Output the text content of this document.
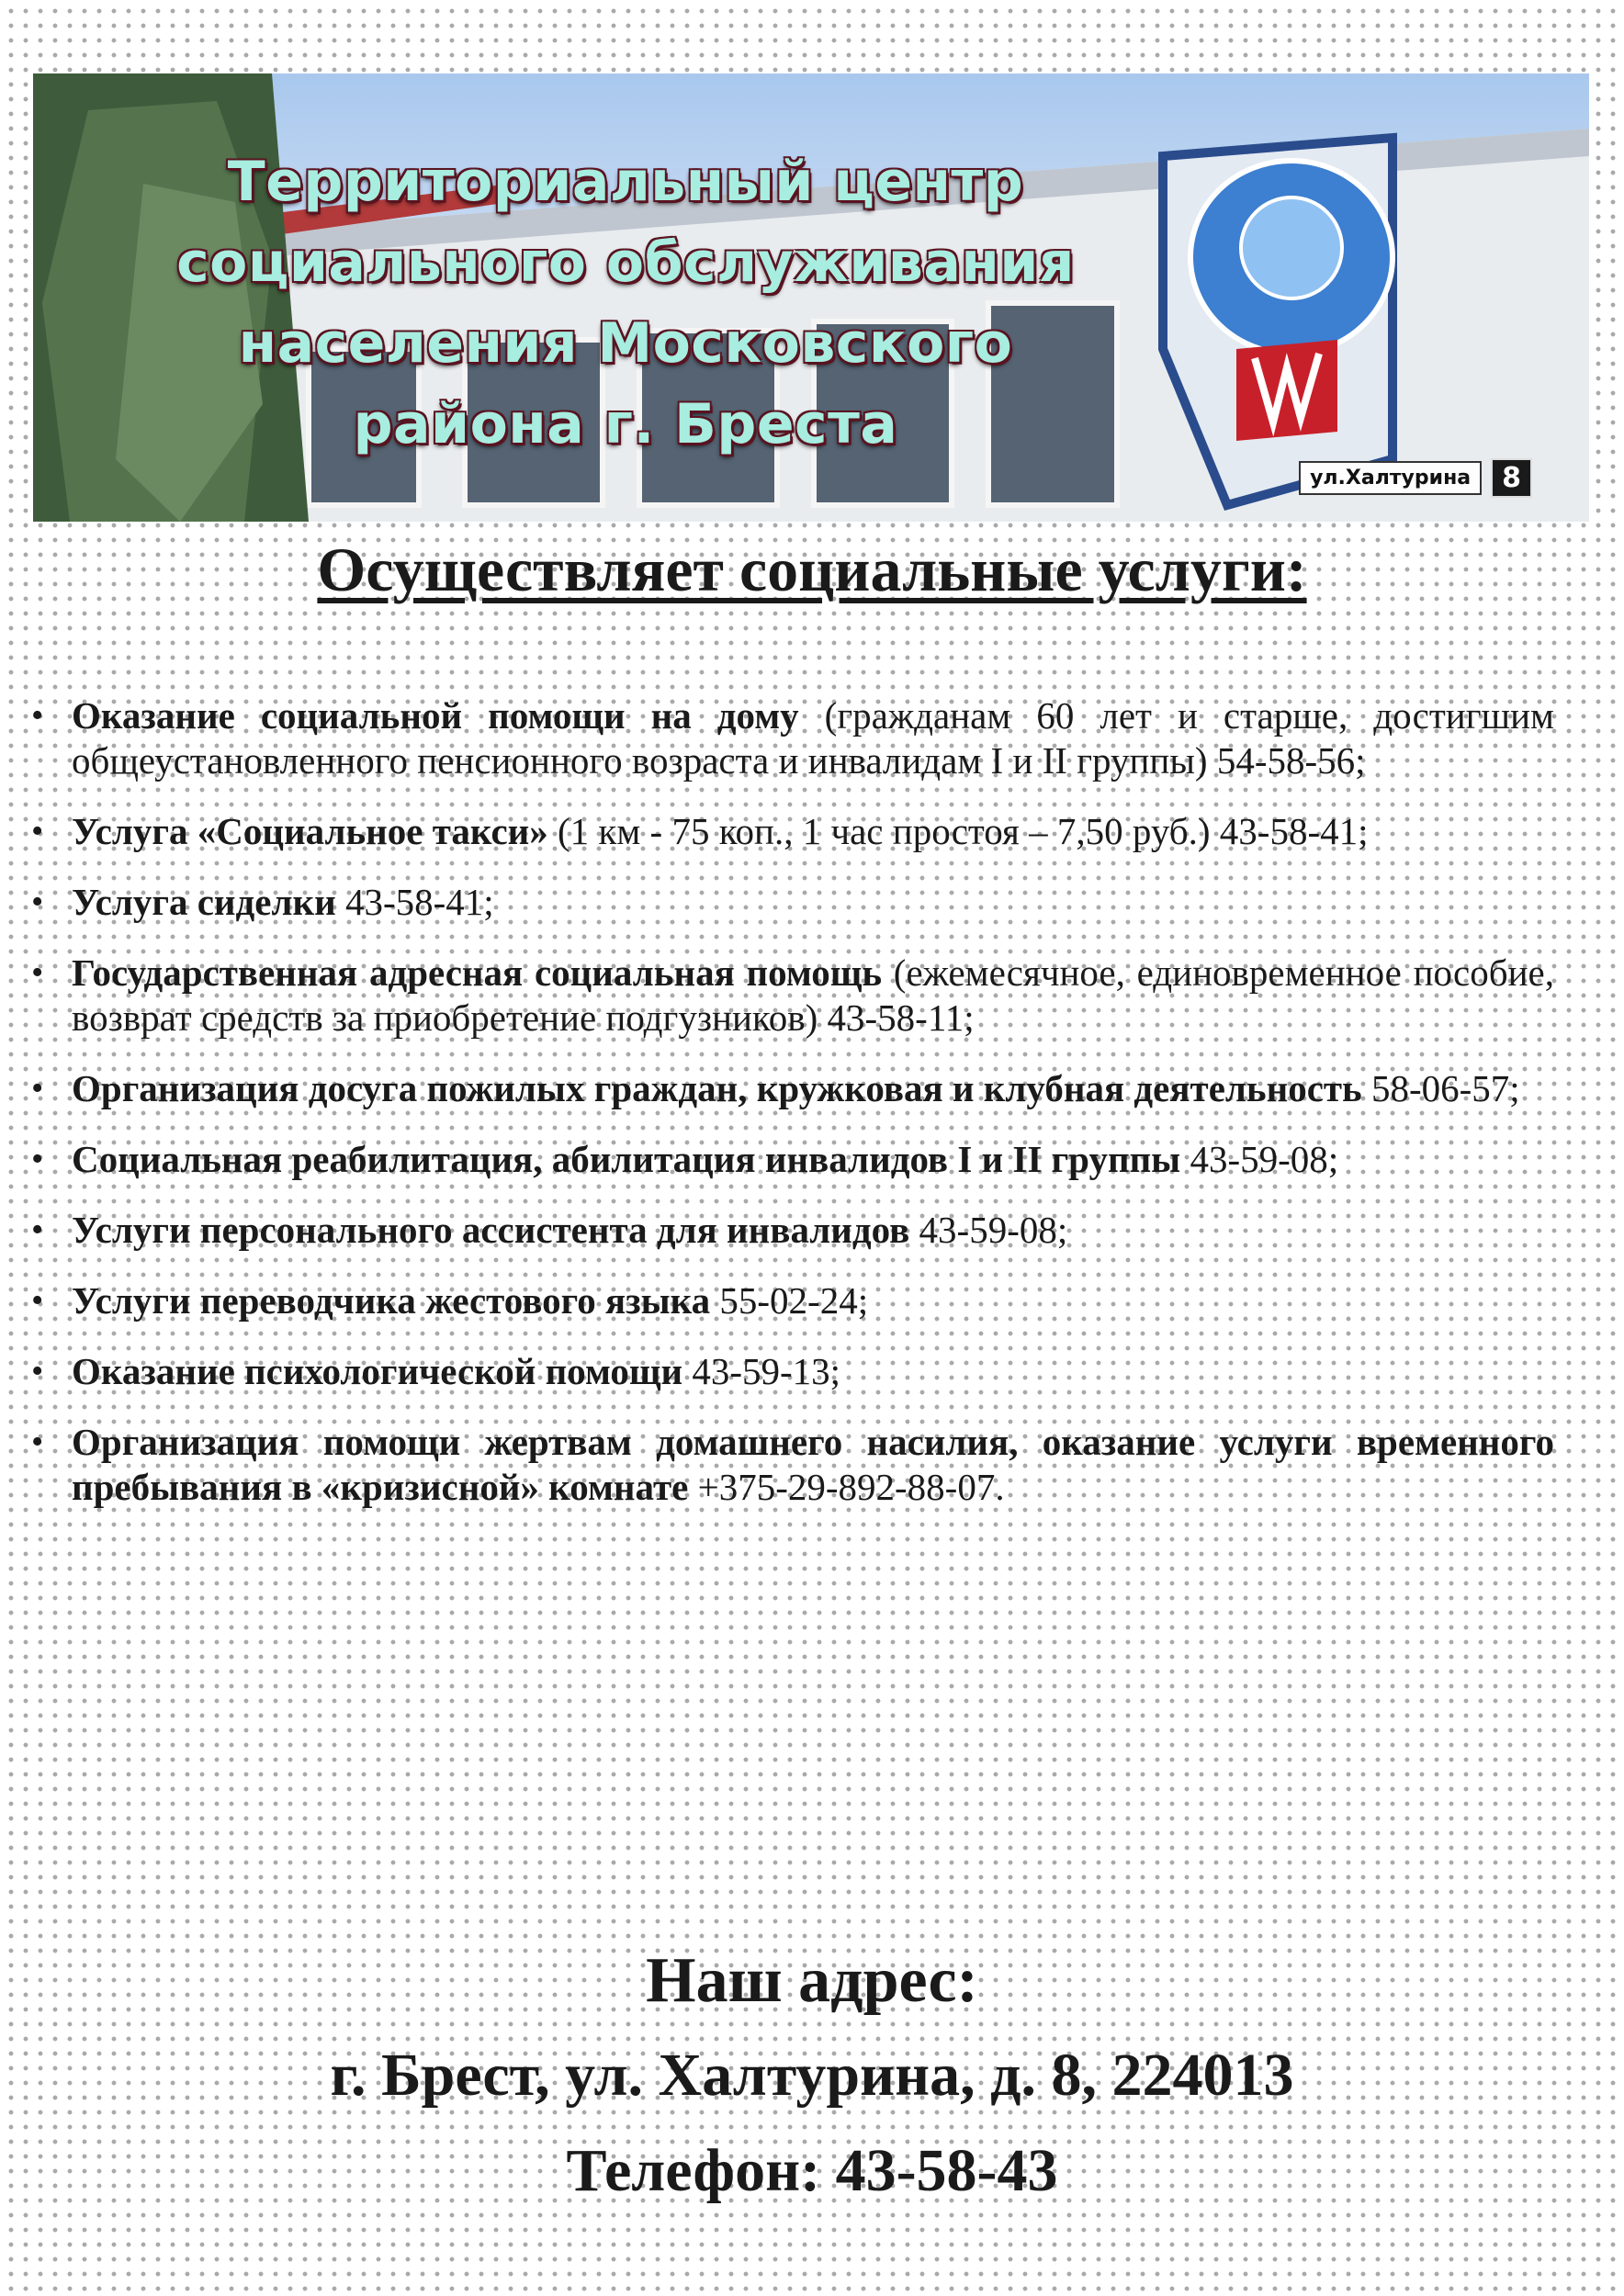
Территориальный центр
социального обслуживания
населения Московского
района г. Бреста
ул.Халтурина	8
Осуществляет социальные услуги:
• Оказание социальной помощи на дому (гражданам 60 лет и старше, достигшим общеустановленного пенсионного возраста и инвалидам I и II группы) 54-58-56;
• Услуга «Социальное такси» (1 км - 75 коп., 1 час простоя – 7,50 руб.) 43-58-41;
• Услуга сиделки 43-58-41;
• Государственная адресная социальная помощь (ежемесячное, единовременное пособие, возврат средств за приобретение подгузников) 43-58-11;
• Организация досуга пожилых граждан, кружковая и клубная деятельность 58-06-57;
• Социальная реабилитация, абилитация инвалидов I и II группы 43-59-08;
• Услуги персонального ассистента для инвалидов 43-59-08;
• Услуги переводчика жестового языка 55-02-24;
• Оказание психологической помощи 43-59-13;
• Организация помощи жертвам домашнего насилия, оказание услуги временного пребывания в «кризисной» комнате +375-29-892-88-07.
Наш адрес:
г. Брест, ул. Халтурина, д. 8, 224013
Телефон: 43-58-43
